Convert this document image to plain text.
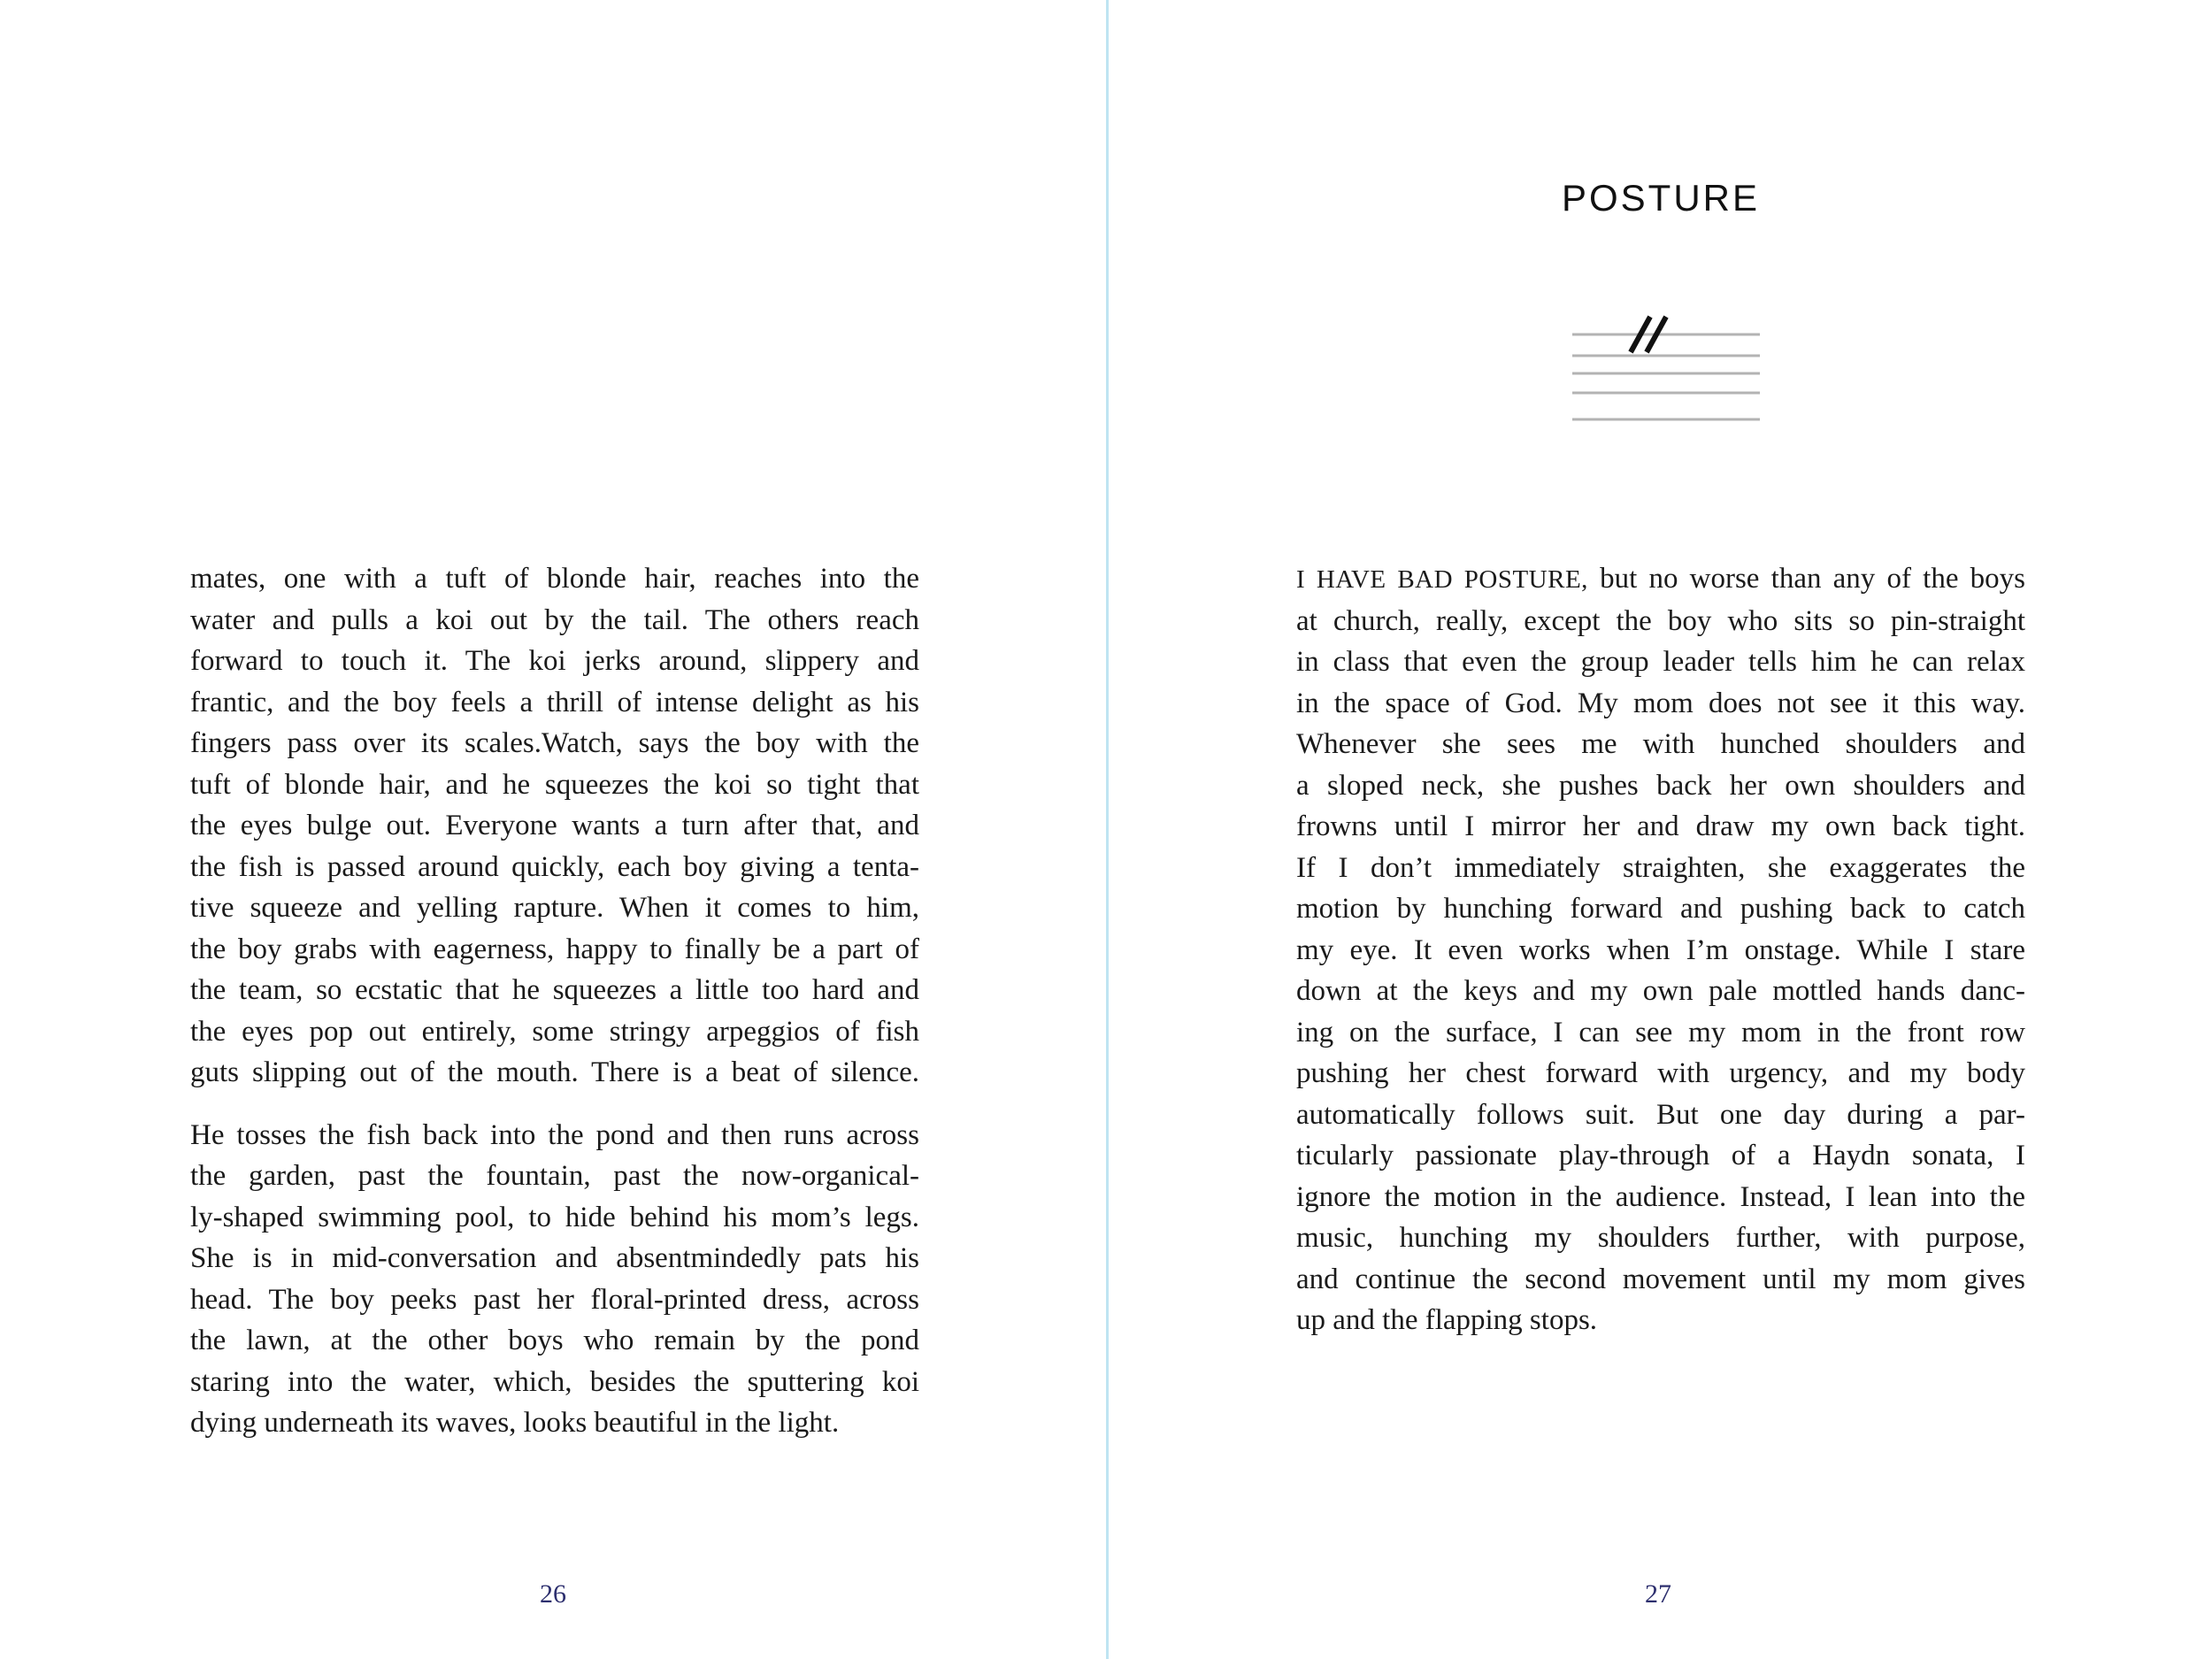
mates, one with a tuft of blonde hair, reaches into the
water and pulls a koi out by the tail. The others reach
forward to touch it. The koi jerks around, slippery and
frantic, and the boy feels a thrill of intense delight as his
fingers pass over its scales.Watch, says the boy with the
tuft of blonde hair, and he squeezes the koi so tight that
the eyes bulge out. Everyone wants a turn after that, and
the fish is passed around quickly, each boy giving a tenta-
tive squeeze and yelling rapture. When it comes to him,
the boy grabs with eagerness, happy to finally be a part of
the team, so ecstatic that he squeezes a little too hard and
the eyes pop out entirely, some stringy arpeggios of fish
guts slipping out of the mouth. There is a beat of silence.
He tosses the fish back into the pond and then runs across
the garden, past the fountain, past the now-organical-
ly-shaped swimming pool, to hide behind his mom’s legs.
She is in mid-conversation and absentmindedly pats his
head. The boy peeks past her floral-printed dress, across
the lawn, at the other boys who remain by the pond
staring into the water, which, besides the sputtering koi
dying underneath its waves, looks beautiful in the light.
26
POSTURE
I HAVE BAD POSTURE, but no worse than any of the boys
at church, really, except the boy who sits so pin-straight
in class that even the group leader tells him he can relax
in the space of God. My mom does not see it this way.
Whenever she sees me with hunched shoulders and
a sloped neck, she pushes back her own shoulders and
frowns until I mirror her and draw my own back tight.
If I don’t immediately straighten, she exaggerates the
motion by hunching forward and pushing back to catch
my eye. It even works when I’m onstage. While I stare
down at the keys and my own pale mottled hands danc-
ing on the surface, I can see my mom in the front row
pushing her chest forward with urgency, and my body
automatically follows suit. But one day during a par-
ticularly passionate play-through of a Haydn sonata, I
ignore the motion in the audience. Instead, I lean into the
music, hunching my shoulders further, with purpose,
and continue the second movement until my mom gives
up and the flapping stops.
27
